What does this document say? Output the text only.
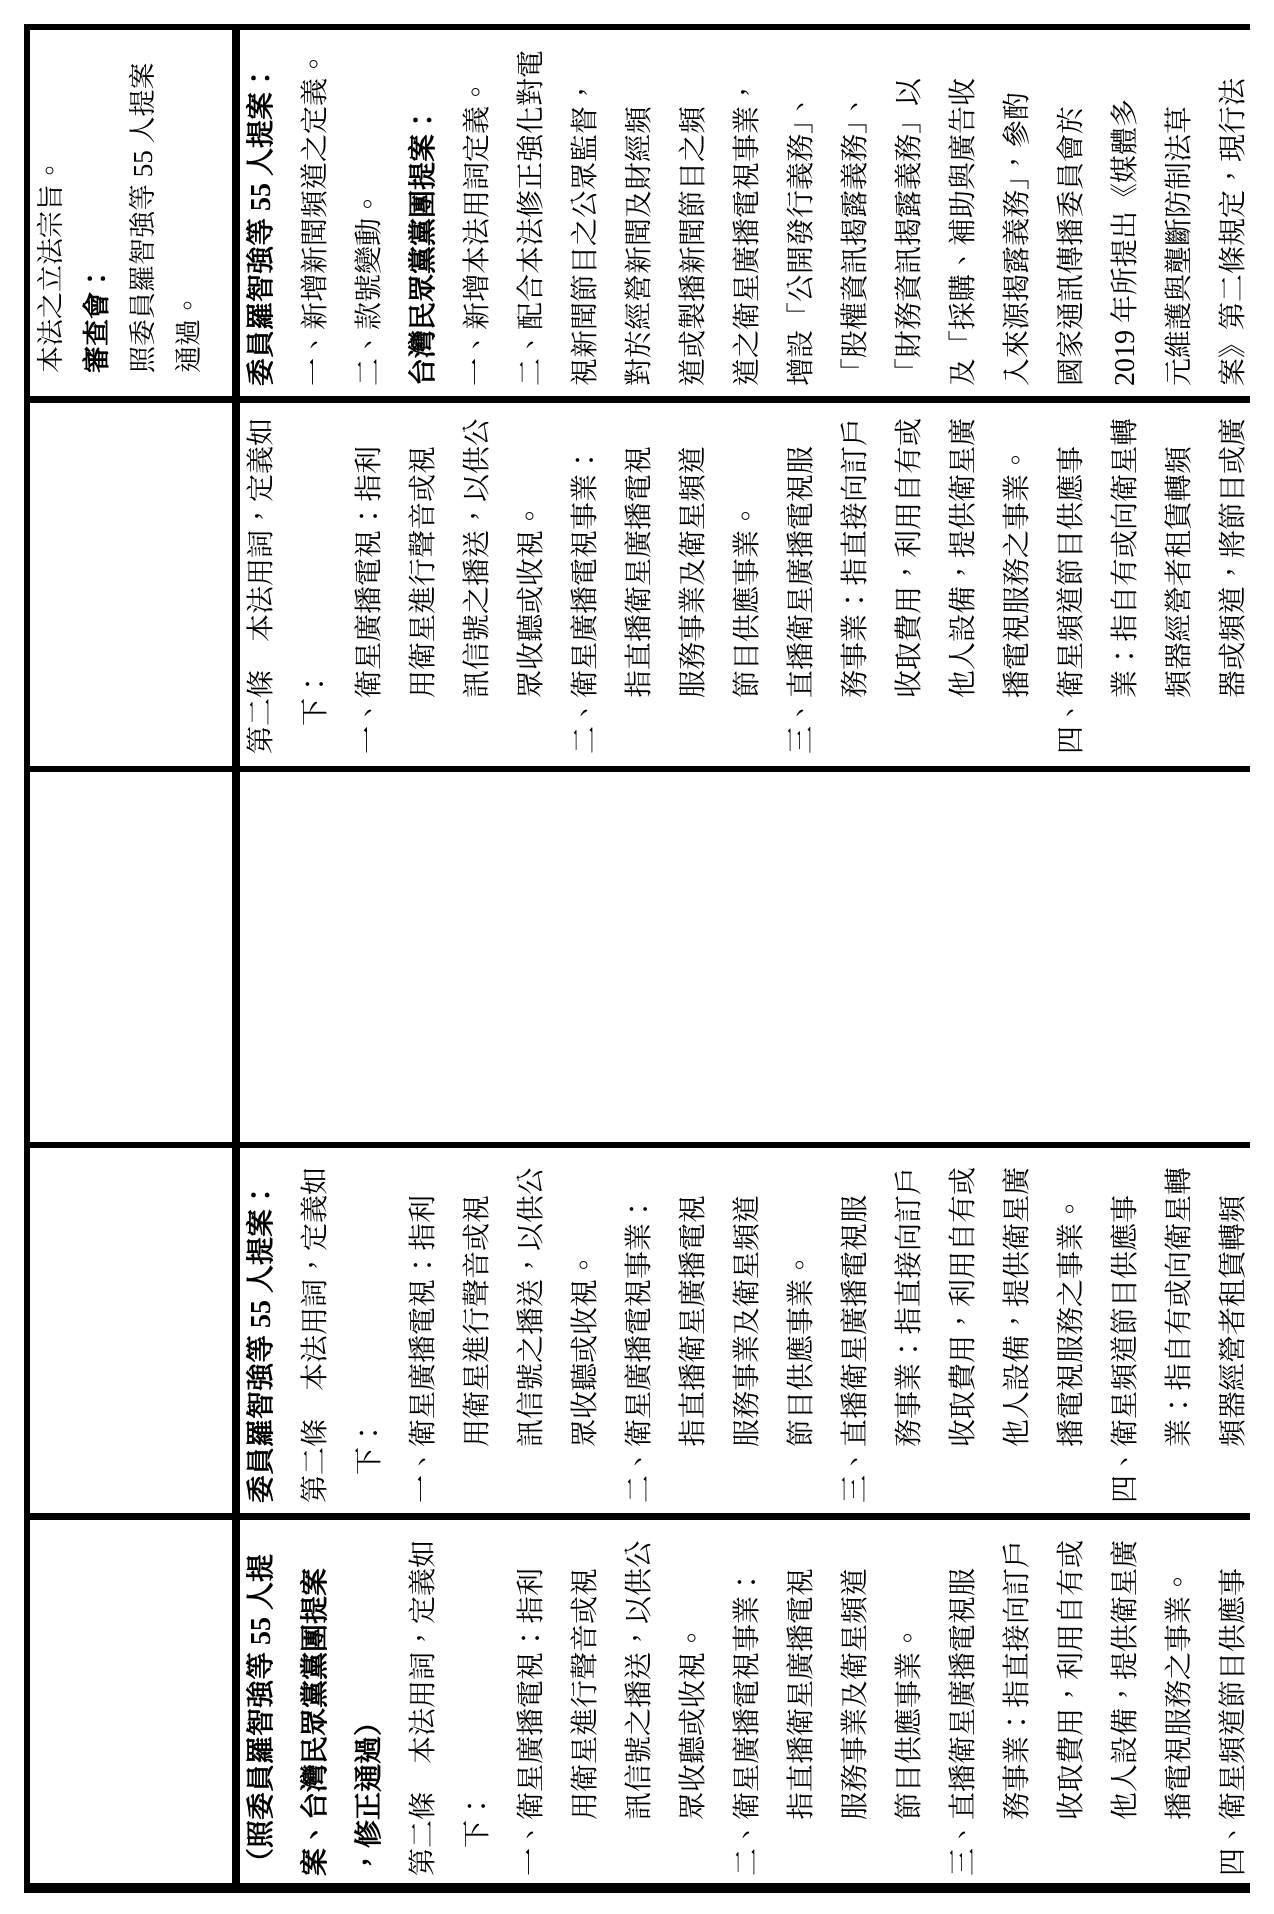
本法之立法宗旨。 審查會： 照委員羅智強等 55 人提案 通過。	委員羅智強等 55 人提案： 一、新增新聞頻道之定義。 二、款號變動。 台灣民眾黨黨團提案： 一、新增本法用詞定義。 二、配合本法修正強化對電 視新聞節目之公眾監督， 對於經營新聞及財經頻 道或製播新聞節目之頻 道之衛星廣播電視事業， 增設「公開發行義務」、 「股權資訊揭露義務」、 「財務資訊揭露義務」以 及「採購、補助與廣告收 入來源揭露義務」，參酌 國家通訊傳播委員會於 2019 年所提出《媒體多 元維護與壟斷防制法草 案》第二條規定，現行法
第二條　本法用詞，定義如 下： 一、衛星廣播電視：指利 用衛星進行聲音或視 訊信號之播送，以供公 眾收聽或收視。 二、衛星廣播電視事業： 指直播衛星廣播電視 服務事業及衛星頻道 節目供應事業。 三、直播衛星廣播電視服 務事業：指直接向訂戶 收取費用，利用自有或 他人設備，提供衛星廣 播電視服務之事業。 四、衛星頻道節目供應事 業：指自有或向衛星轉 頻器經營者租賃轉頻 器或頻道，將節目或廣
委員羅智強等 55 人提案： 第二條　本法用詞，定義如 下： 一、衛星廣播電視：指利 用衛星進行聲音或視 訊信號之播送，以供公 眾收聽或收視。 二、衛星廣播電視事業： 指直播衛星廣播電視 服務事業及衛星頻道 節目供應事業。 三、直播衛星廣播電視服 務事業：指直接向訂戶 收取費用，利用自有或 他人設備，提供衛星廣 播電視服務之事業。 四、衛星頻道節目供應事 業：指自有或向衛星轉 頻器經營者租賃轉頻
（照委員羅智強等 55 人提 案、台灣民眾黨黨團提案 ，修正通過） 第二條　本法用詞，定義如 下： 一、衛星廣播電視：指利 用衛星進行聲音或視 訊信號之播送，以供公 眾收聽或收視。 二、衛星廣播電視事業： 指直播衛星廣播電視 服務事業及衛星頻道 節目供應事業。 三、直播衛星廣播電視服 務事業：指直接向訂戶 收取費用，利用自有或 他人設備，提供衛星廣 播電視服務之事業。 四、衛星頻道節目供應事
